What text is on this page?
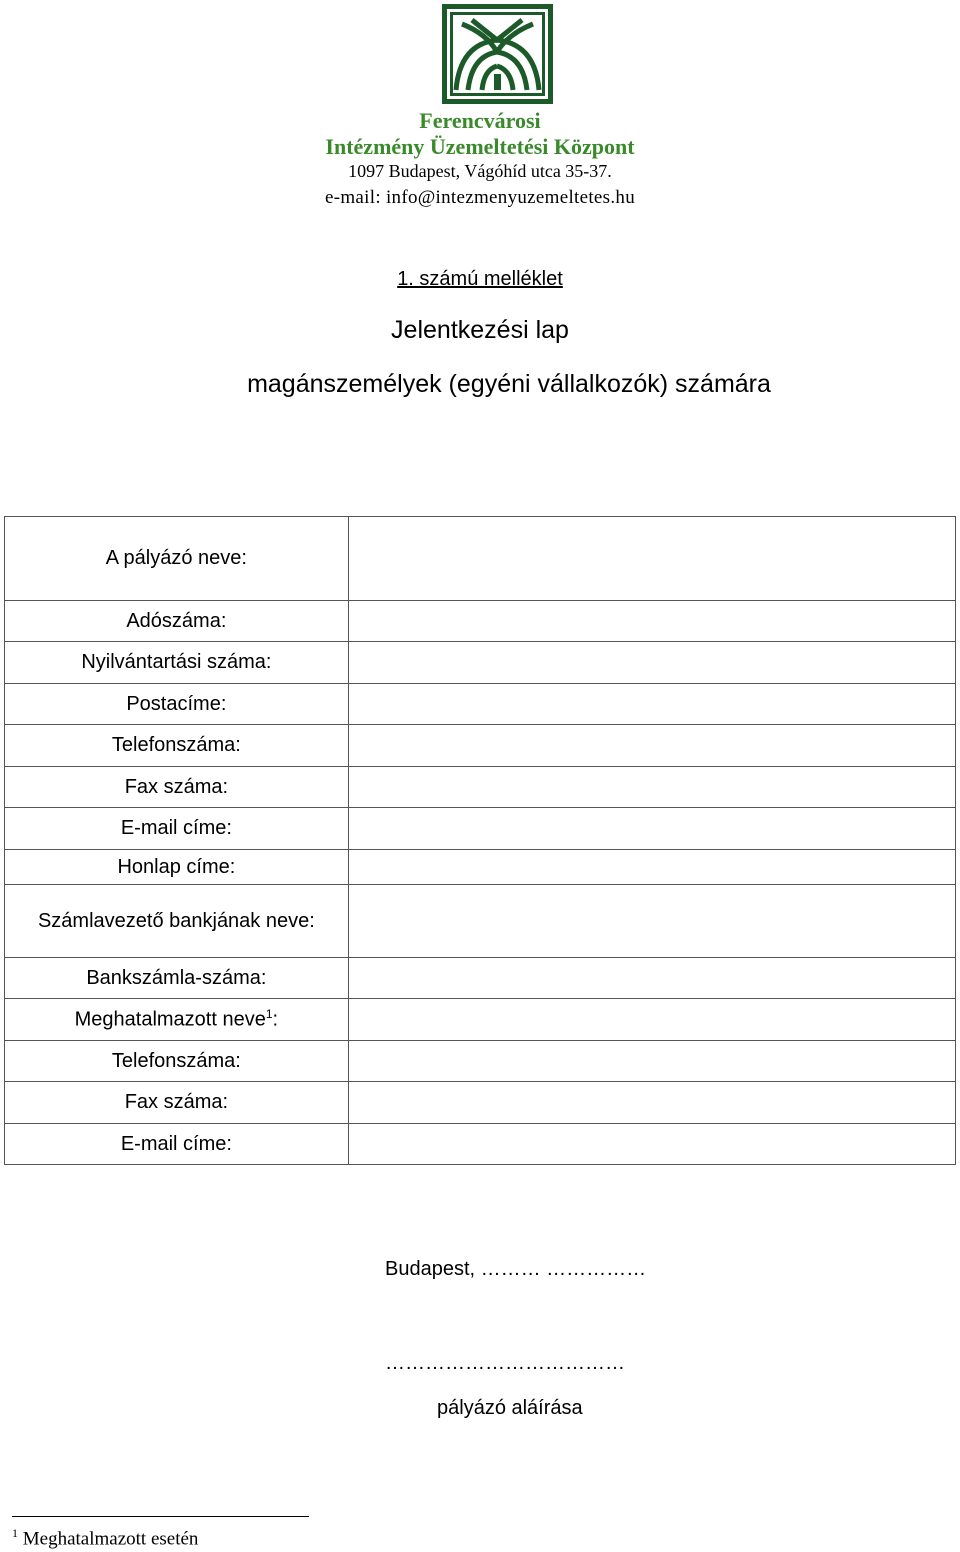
Ferencvárosi
Intézmény Üzemeltetési Központ
1097 Budapest, Vágóhíd utca 35-37.
e-mail: info@intezmenyuzemeltetes.hu
1. számú melléklet
Jelentkezési lap
magánszemélyek (egyéni vállalkozók) számára
A pályázó neve:	
Adószáma:	
Nyilvántartási száma:	
Postacíme:	
Telefonszáma:	
Fax száma:	
E-mail címe:	
Honlap címe:	
Számlavezető bankjának neve:	
Bankszámla-száma:	
Meghatalmazott neve$^1$:	
Telefonszáma:	
Fax száma:	
E-mail címe:	
Budapest, ……… ……………
………………………………
pályázó aláírása
$^1$ Meghatalmazott esetén
